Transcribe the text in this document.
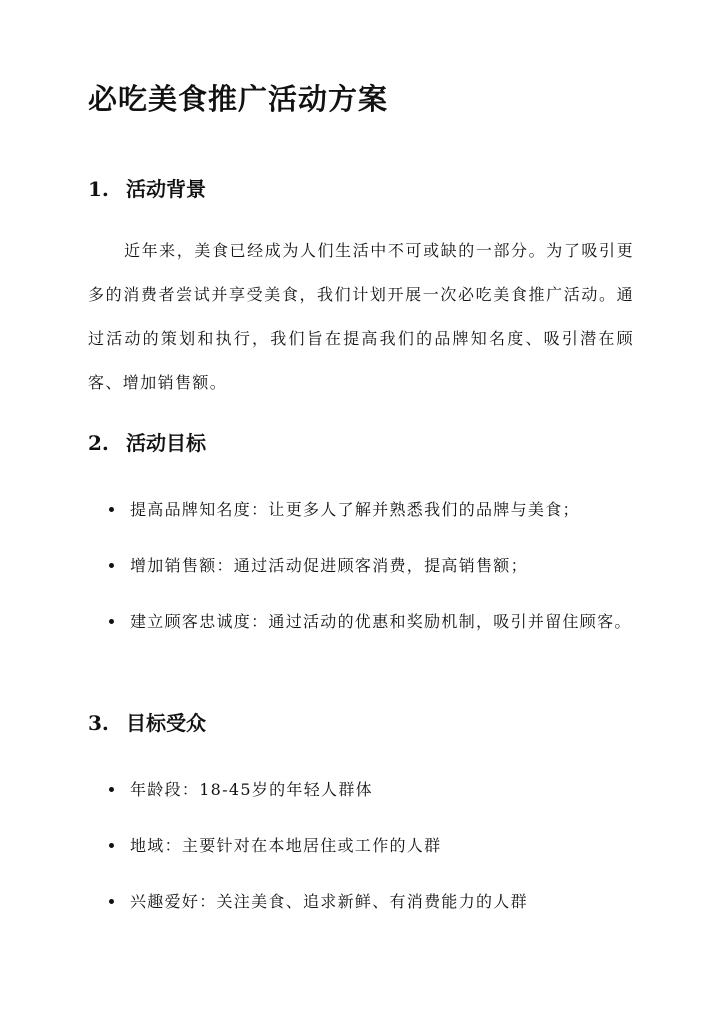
必吃美食推广活动方案
1. 活动背景

近年来，美食已经成为人们生活中不可或缺的一部分。为了吸引更多的消费者尝试并享受美食，我们计划开展一次必吃美食推广活动。通过活动的策划和执行，我们旨在提高我们的品牌知名度、吸引潜在顾客、增加销售额。

2. 活动目标
提高品牌知名度：让更多人了解并熟悉我们的品牌与美食；
增加销售额：通过活动促进顾客消费，提高销售额；
建立顾客忠诚度：通过活动的优惠和奖励机制，吸引并留住顾客。
3. 目标受众
年龄段：18-45岁的年轻人群体
地域：主要针对在本地居住或工作的人群
兴趣爱好：关注美食、追求新鲜、有消费能力的人群
